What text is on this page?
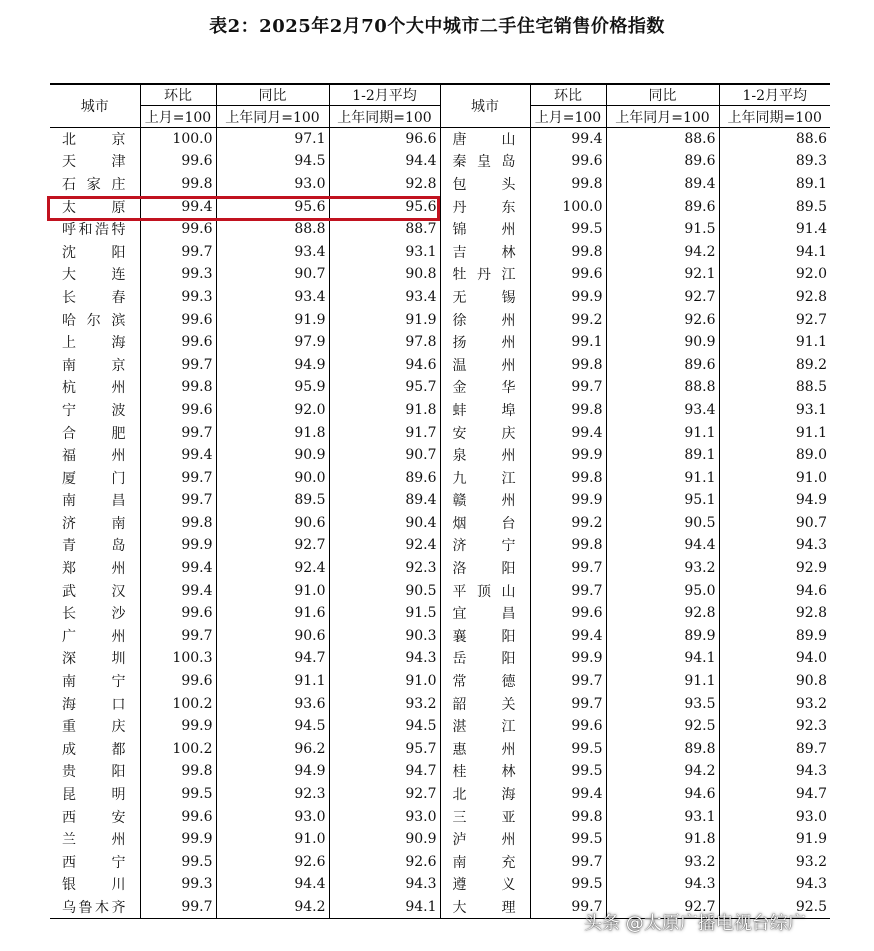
表2：2025年2月70个大中城市二手住宅销售价格指数
城市	环比	同比	1-2月平均	城市	环比	同比	1-2月平均
	上月=100	上年同月=100	上年同期=100		上月=100	上年同月=100	上年同期=100
北 京	100.0	97.1	96.6	唐 山	99.4	88.6	88.6
天 津	99.6	94.5	94.4	秦皇岛	99.6	89.6	89.3
石家庄	99.8	93.0	92.8	包 头	99.8	89.4	89.1
太 原	99.4	95.6	95.6	丹 东	100.0	89.6	89.5
呼和浩特	99.6	88.8	88.7	锦 州	99.5	91.5	91.4
沈 阳	99.7	93.4	93.1	吉 林	99.8	94.2	94.1
大 连	99.3	90.7	90.8	牡丹江	99.6	92.1	92.0
长 春	99.3	93.4	93.4	无 锡	99.9	92.7	92.8
哈尔滨	99.6	91.9	91.9	徐 州	99.2	92.6	92.7
上 海	99.6	97.9	97.8	扬 州	99.1	90.9	91.1
南 京	99.7	94.9	94.6	温 州	99.8	89.6	89.2
杭 州	99.8	95.9	95.7	金 华	99.7	88.8	88.5
宁 波	99.6	92.0	91.8	蚌 埠	99.8	93.4	93.1
合 肥	99.7	91.8	91.7	安 庆	99.4	91.1	91.1
福 州	99.4	90.9	90.7	泉 州	99.9	89.1	89.0
厦 门	99.7	90.0	89.6	九 江	99.8	91.1	91.0
南 昌	99.7	89.5	89.4	赣 州	99.9	95.1	94.9
济 南	99.8	90.6	90.4	烟 台	99.2	90.5	90.7
青 岛	99.9	92.7	92.4	济 宁	99.8	94.4	94.3
郑 州	99.4	92.4	92.3	洛 阳	99.7	93.2	92.9
武 汉	99.4	91.0	90.5	平顶山	99.7	95.0	94.6
长 沙	99.6	91.6	91.5	宜 昌	99.6	92.8	92.8
广 州	99.7	90.6	90.3	襄 阳	99.4	89.9	89.9
深 圳	100.3	94.7	94.3	岳 阳	99.9	94.1	94.0
南 宁	99.6	91.1	91.0	常 德	99.7	91.1	90.8
海 口	100.2	93.6	93.2	韶 关	99.7	93.5	93.2
重 庆	99.9	94.5	94.5	湛 江	99.6	92.5	92.3
成 都	100.2	96.2	95.7	惠 州	99.5	89.8	89.7
贵 阳	99.8	94.9	94.7	桂 林	99.5	94.2	94.3
昆 明	99.5	92.3	92.7	北 海	99.4	94.6	94.7
西 安	99.6	93.0	93.0	三 亚	99.8	93.1	93.0
兰 州	99.9	91.0	90.9	泸 州	99.5	91.8	91.9
西 宁	99.5	92.6	92.6	南 充	99.7	93.2	93.2
银 川	99.3	94.4	94.3	遵 义	99.5	94.3	94.3
乌鲁木齐	99.7	94.2	94.1	大 理	99.7	92.7	92.5
头条 @太原广播电视台综广
